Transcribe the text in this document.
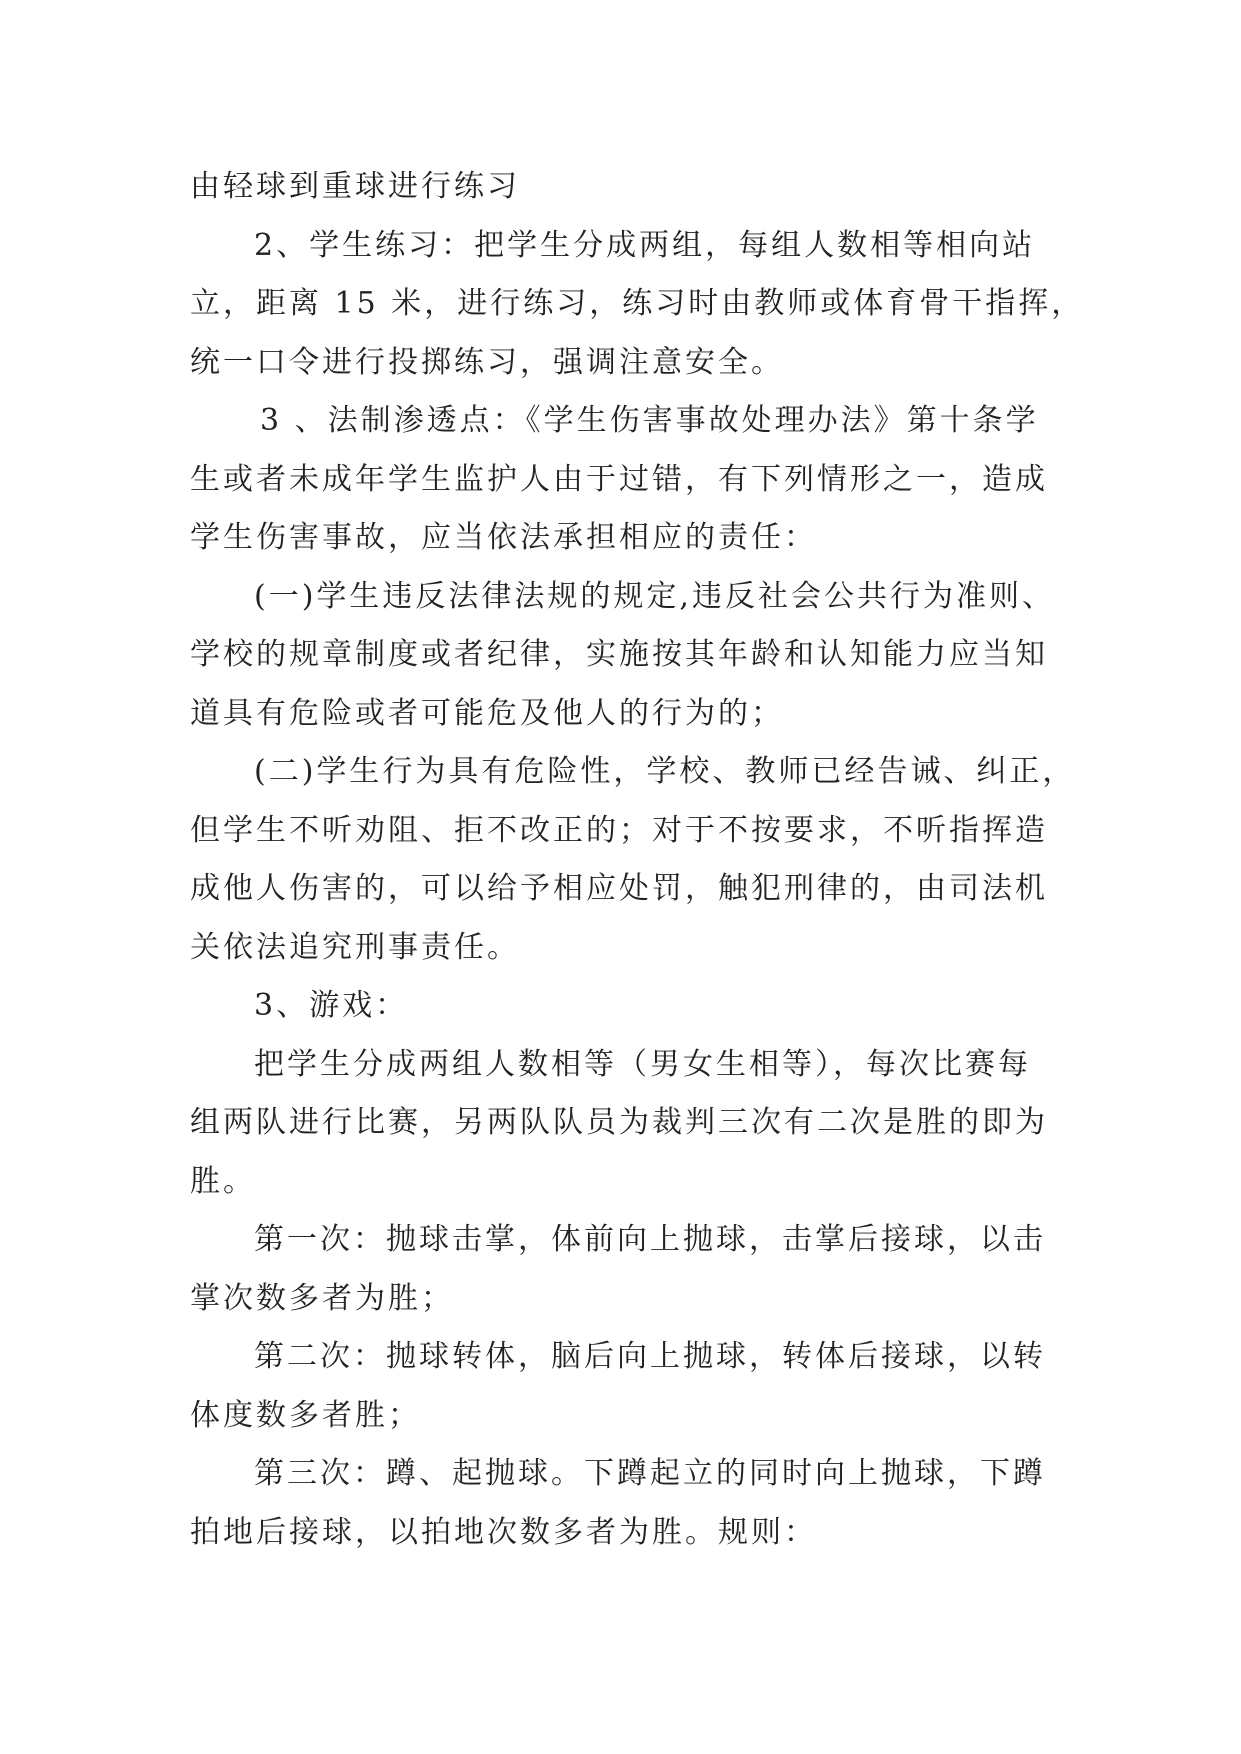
由轻球到重球进行练习
2、学生练习：把学生分成两组，每组人数相等相向站
立，距离 15 米，进行练习，练习时由教师或体育骨干指挥，
统一口令进行投掷练习，强调注意安全。
3 、法制渗透点：《学生伤害事故处理办法》第十条学
生或者未成年学生监护人由于过错，有下列情形之一，造成
学生伤害事故，应当依法承担相应的责任：
(一)学生违反法律法规的规定,违反社会公共行为准则、
学校的规章制度或者纪律，实施按其年龄和认知能力应当知
道具有危险或者可能危及他人的行为的；
(二)学生行为具有危险性，学校、教师已经告诫、纠正，
但学生不听劝阻、拒不改正的；对于不按要求，不听指挥造
成他人伤害的，可以给予相应处罚，触犯刑律的，由司法机
关依法追究刑事责任。
3、游戏：
把学生分成两组人数相等（男女生相等），每次比赛每
组两队进行比赛，另两队队员为裁判三次有二次是胜的即为
胜。
第一次：抛球击掌，体前向上抛球，击掌后接球，以击
掌次数多者为胜；
第二次：抛球转体，脑后向上抛球，转体后接球，以转
体度数多者胜；
第三次：蹲、起抛球。下蹲起立的同时向上抛球，下蹲
拍地后接球，以拍地次数多者为胜。规则：
